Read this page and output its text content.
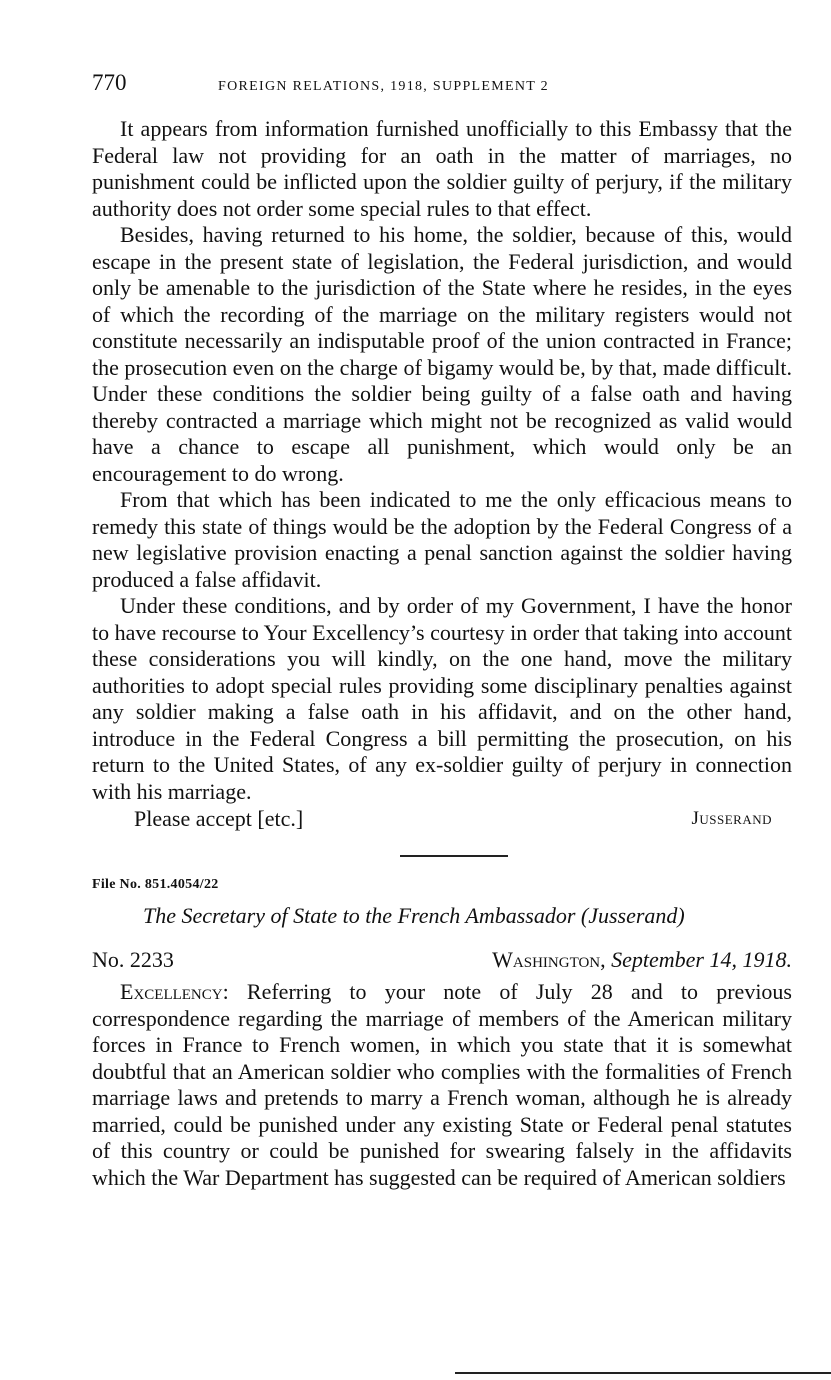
770	FOREIGN RELATIONS, 1918, SUPPLEMENT 2

It appears from information furnished unofficially to this Embassy that the Federal law not providing for an oath in the matter of marriages, no punishment could be inflicted upon the soldier guilty of perjury, if the military authority does not order some special rules to that effect.

Besides, having returned to his home, the soldier, because of this, would escape in the present state of legislation, the Federal jurisdiction, and would only be amenable to the jurisdiction of the State where he resides, in the eyes of which the recording of the marriage on the military registers would not constitute necessarily an indisputable proof of the union contracted in France; the prosecution even on the charge of bigamy would be, by that, made difficult. Under these conditions the soldier being guilty of a false oath and having thereby contracted a marriage which might not be recognized as valid would have a chance to escape all punishment, which would only be an encouragement to do wrong.

From that which has been indicated to me the only efficacious means to remedy this state of things would be the adoption by the Federal Congress of a new legislative provision enacting a penal sanction against the soldier having produced a false affidavit.

Under these conditions, and by order of my Government, I have the honor to have recourse to Your Excellency’s courtesy in order that taking into account these considerations you will kindly, on the one hand, move the military authorities to adopt special rules providing some disciplinary penalties against any soldier making a false oath in his affidavit, and on the other hand, introduce in the Federal Congress a bill permitting the prosecution, on his return to the United States, of any ex-soldier guilty of perjury in connection with his marriage.

Please accept [etc.]	Jusserand
File No. 851.4054/22
The Secretary of State to the French Ambassador (Jusserand)
No. 2233	Washington, September 14, 1918.

Excellency: Referring to your note of July 28 and to previous correspondence regarding the marriage of members of the American military forces in France to French women, in which you state that it is somewhat doubtful that an American soldier who complies with the formalities of French marriage laws and pretends to marry a French woman, although he is already married, could be punished under any existing State or Federal penal statutes of this country or could be punished for swearing falsely in the affidavits which the War Department has suggested can be required of American soldiers
